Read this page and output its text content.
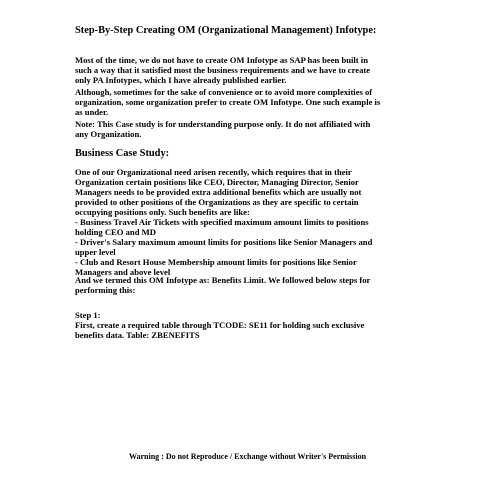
Step-By-Step Creating OM (Organizational Management) Infotype:
Most of the time, we do not have to create OM Infotype as SAP has been built in
such a way that it satisfied most the business requirements and we have to create
only PA Infotypes, which I have already published earlier.
Although, sometimes for the sake of convenience or to avoid more complexities of
organization, some organization prefer to create OM Infotype. One such example is
as under.
Note: This Case study is for understanding purpose only. It do not affiliated with
any Organization.
Business Case Study:
One of our Organizational need arisen recently, which requires that in their
Organization certain positions like CEO, Director, Managing Director, Senior
Managers needs to be provided extra additional benefits which are usually not
provided to other positions of the Organizations as they are specific to certain
occupying positions only. Such benefits are like:
- Business Travel Air Tickets with specified maximum amount limits to positions
holding CEO and MD
- Driver's Salary maximum amount limits for positions like Senior Managers and
upper level
- Club and Resort House Membership amount limits for positions like Senior
Managers and above level
And we termed this OM Infotype as: Benefits Limit. We followed below steps for
performing this:
Step 1:
First, create a required table through TCODE: SE11 for holding such exclusive
benefits data. Table: ZBENEFITS
Warning : Do not Reproduce / Exchange without Writer's Permission
